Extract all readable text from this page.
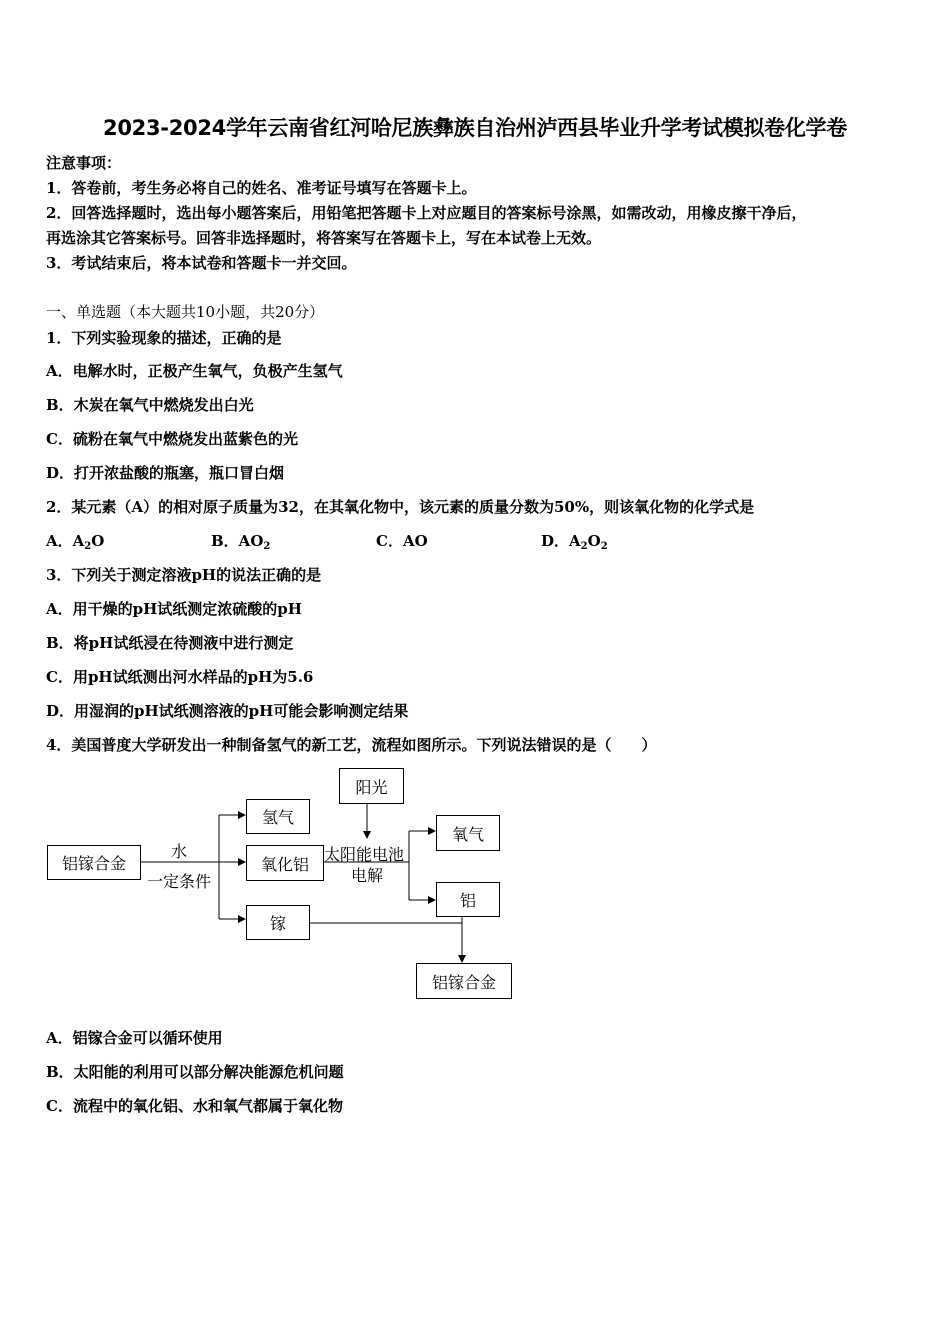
2023-2024学年云南省红河哈尼族彝族自治州泸西县毕业升学考试模拟卷化学卷
注意事项：
1．答卷前，考生务必将自己的姓名、准考证号填写在答题卡上。
2．回答选择题时，选出每小题答案后，用铅笔把答题卡上对应题目的答案标号涂黑，如需改动，用橡皮擦干净后，
再选涂其它答案标号。回答非选择题时，将答案写在答题卡上，写在本试卷上无效。
3．考试结束后，将本试卷和答题卡一并交回。
一、单选题（本大题共10小题，共20分）
1．下列实验现象的描述，正确的是
A．电解水时，正极产生氧气，负极产生氢气
B．木炭在氧气中燃烧发出白光
C．硫粉在氧气中燃烧发出蓝紫色的光
D．打开浓盐酸的瓶塞，瓶口冒白烟
2．某元素（A）的相对原子质量为32，在其氧化物中，该元素的质量分数为50%，则该氧化物的化学式是
A．$A_2O$	B．$AO_2$	C．AO	D．$A_2O_2$
3．下列关于测定溶液pH的说法正确的是
A．用干燥的pH试纸测定浓硫酸的pH
B．将pH试纸浸在待测液中进行测定
C．用pH试纸测出河水样品的pH为5.6
D．用湿润的pH试纸测溶液的pH可能会影响测定结果
4．美国普度大学研发出一种制备氢气的新工艺，流程如图所示。下列说法错误的是（　　）
铝镓合金
水
一定条件
氢气
氧化铝
镓
阳光
太阳能电池
电解
氧气
铝
铝镓合金
A．铝镓合金可以循环使用
B．太阳能的利用可以部分解决能源危机问题
C．流程中的氧化铝、水和氧气都属于氧化物
